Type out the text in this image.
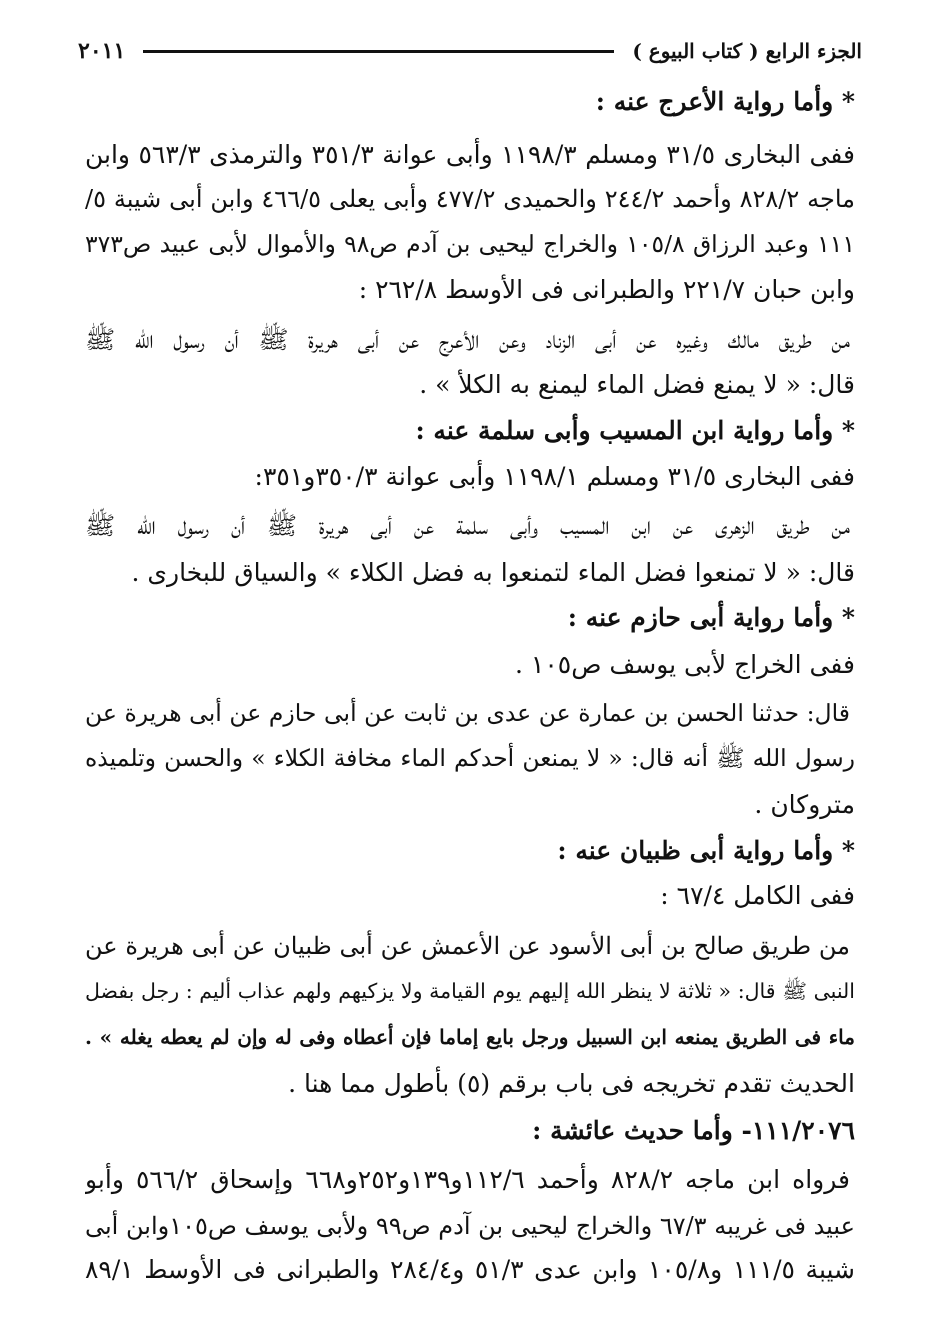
الجزء الرابع ( كتاب البيوع )
٢٠١١
* وأما رواية الأعرج عنه :
ففى البخارى ٣١/٥ ومسلم ١١٩٨/٣ وأبى عوانة ٣٥١/٣ والترمذى ٥٦٣/٣ وابن
ماجه ٨٢٨/٢ وأحمد ٢٤٤/٢ والحميدى ٤٧٧/٢ وأبى يعلى ٤٦٦/٥ وابن أبى شيبة ٥/
١١١ وعبد الرزاق ١٠٥/٨ والخراج ليحيى بن آدم ص٩٨ والأموال لأبى عبيد ص٣٧٣
وابن حبان ٢٢١/٧ والطبرانى فى الأوسط ٢٦٢/٨ :
من طريق مالك وغيره عن أبى الزناد وعن الأعرج عن أبى هريرة ﷺ أن رسول الله ﷺ
قال: « لا يمنع فضل الماء ليمنع به الكلأ » .
* وأما رواية ابن المسيب وأبى سلمة عنه :
ففى البخارى ٣١/٥ ومسلم ١١٩٨/١ وأبى عوانة ٣٥٠/٣و٣٥١:
من طريق الزهرى عن ابن المسيب وأبى سلمة عن أبى هريرة ﷺ أن رسول الله ﷺ
قال: « لا تمنعوا فضل الماء لتمنعوا به فضل الكلاء » والسياق للبخارى .
* وأما رواية أبى حازم عنه :
ففى الخراج لأبى يوسف ص١٠٥ .
قال: حدثنا الحسن بن عمارة عن عدى بن ثابت عن أبى حازم عن أبى هريرة عن
رسول الله ﷺ أنه قال: « لا يمنعن أحدكم الماء مخافة الكلاء » والحسن وتلميذه
متروكان .
* وأما رواية أبى ظبيان عنه :
ففى الكامل ٦٧/٤ :
من طريق صالح بن أبى الأسود عن الأعمش عن أبى ظبيان عن أبى هريرة عن
النبى ﷺ قال: « ثلاثة لا ينظر الله إليهم يوم القيامة ولا يزكيهم ولهم عذاب أليم : رجل بفضل
ماء فى الطريق يمنعه ابن السبيل ورجل بايع إماما فإن أعطاه وفى له وإن لم يعطه يغله » .
الحديث تقدم تخريجه فى باب برقم (٥) بأطول مما هنا .
١١١/٢٠٧٦- وأما حديث عائشة :
فرواه ابن ماجه ٨٢٨/٢ وأحمد ١١٢/٦و١٣٩و٢٥٢و٦٦٨ وإسحاق ٥٦٦/٢ وأبو
عبيد فى غريبه ٦٧/٣ والخراج ليحيى بن آدم ص٩٩ ولأبى يوسف ص١٠٥وابن أبى
شيبة ١١١/٥ و١٠٥/٨ وابن عدى ٥١/٣ و٢٨٤/٤ والطبرانى فى الأوسط ٨٩/١
